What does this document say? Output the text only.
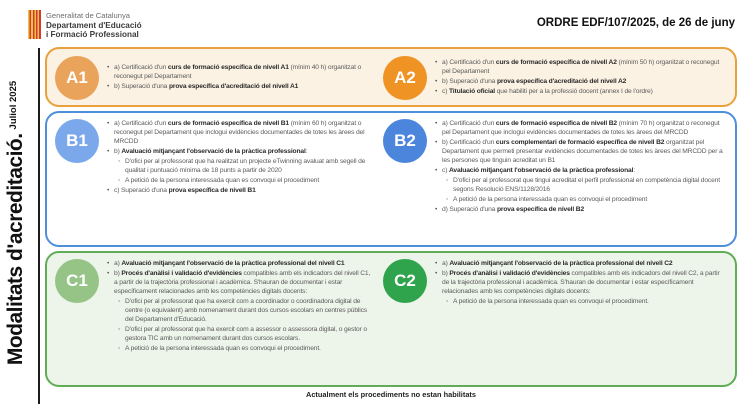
Generalitat de Catalunya
Departament d'Educació
i Formació Professional
ORDRE EDF/107/2025, de 26 de juny
Modalitats d'acreditació.$^{Juliol 2025}$
A1
• a) Certificació d'un curs de formació específica de nivell A1 (mínim 40 h) organitzat o reconegut pel Departament
• b) Superació d'una prova específica d'acreditació del nivell A1	A2
• a) Certificació d'un curs de formació específica de nivell A2 (mínim 50 h) organitzat o reconegut pel Departament
• b) Superació d'una prova específica d'acreditació del nivell A2
• c) Titulació oficial que habiliti per a la professió docent (annex I de l'ordre)
B1
• a) Certificació d'un curs de formació específica de nivell B1 (mínim 60 h) organitzat o reconegut pel Departament que inclogui evidències documentades de totes les àrees del MRCDD
• b) Avaluació mitjançant l'observació de la pràctica professional:
◦ D'ofici per al professorat que ha realitzat un projecte eTwinning avaluat amb segell de qualitat i puntuació mínima de 18 punts a partir de 2020
◦ A petició de la persona interessada quan es convoqui el procediment
• c) Superació d'una prova específica de nivell B1
B2
• a) Certificació d'un curs de formació específica de nivell B2 (mínim 70 h) organitzat o reconegut pel Departament que inclogui evidències documentades de totes les àrees del MRCDD
• b) Certificació d'un curs complementari de formació específica de nivell B2 organitzat pel Departament que permeti presentar evidències documentades de totes les àrees del MRCDD per a les persones que tinguin acreditat un B1
• c) Avaluació mitjançant l'observació de la pràctica professional:
◦ D'ofici per al professorat que tingui acreditat el perfil professional en competència digital docent segons Resolució ENS/1128/2016
◦ A petició de la persona interessada quan es convoqui el procediment
• d) Superació d'una prova específica de nivell B2
C1
• a) Avaluació mitjançant l'observació de la pràctica professional del nivell C1
• b) Procés d'anàlisi i validació d'evidències compatibles amb els indicadors del nivell C1, a partir de la trajectòria professional i acadèmica. S'hauran de documentar i estar específicament relacionades amb les competències digitals docents:
◦ D'ofici per al professorat que ha exercit com a coordinador o coordinadora digital de centre (o equivalent) amb nomenament durant dos cursos escolars en centres públics del Departament d'Educació.
◦ D'ofici per al professorat que ha exercit com a assessor o assessora digital, o gestor o gestora TIC amb un nomenament durant dos cursos escolars.
◦ A petició de la persona interessada quan es convoqui el procediment.
C2
• a) Avaluació mitjançant l'observació de la pràctica professional del nivell C2
• b) Procés d'anàlisi i validació d'evidències compatibles amb els indicadors del nivell C2, a partir de la trajectòria professional i acadèmica. S'hauran de documentar i estar específicament relacionades amb les competències digitals docents:
◦ A petició de la persona interessada quan es convoqui el procediment.
Actualment els procediments no estan habilitats
